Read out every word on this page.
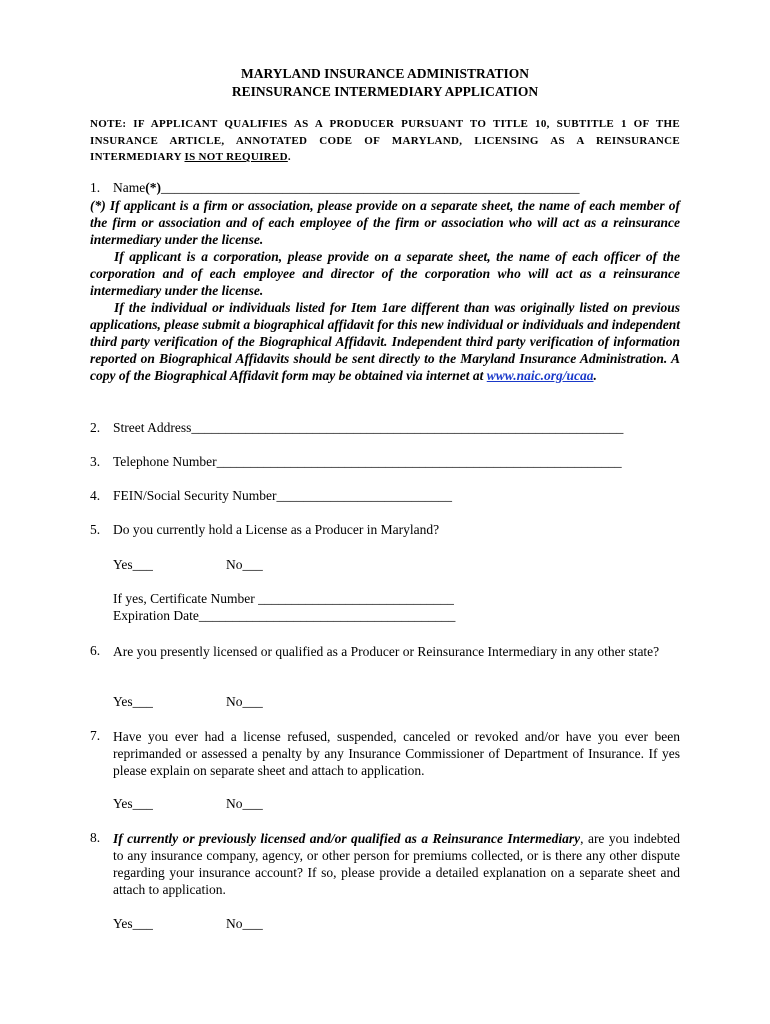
MARYLAND INSURANCE ADMINISTRATION
REINSURANCE INTERMEDIARY APPLICATION
NOTE: IF APPLICANT QUALIFIES AS A PRODUCER PURSUANT TO TITLE 10, SUBTITLE 1 OF THE INSURANCE ARTICLE, ANNOTATED CODE OF MARYLAND, LICENSING AS A REINSURANCE INTERMEDIARY IS NOT REQUIRED.
1. Name(*)______________________________________________________________
(*) If applicant is a firm or association, please provide on a separate sheet, the name of each member of the firm or association and of each employee of the firm or association who will act as a reinsurance intermediary under the license.
If applicant is a corporation, please provide on a separate sheet, the name of each officer of the corporation and of each employee and director of the corporation who will act as a reinsurance intermediary under the license.
If the individual or individuals listed for Item 1are different than was originally listed on previous applications, please submit a biographical affidavit for this new individual or individuals and independent third party verification of the Biographical Affidavit. Independent third party verification of information reported on Biographical Affidavits should be sent directly to the Maryland Insurance Administration. A copy of the Biographical Affidavit form may be obtained via internet at www.naic.org/ucaa.
2. Street Address________________________________________________________________
3. Telephone Number____________________________________________________________
4. FEIN/Social Security Number__________________________
5. Do you currently hold a License as a Producer in Maryland?
Yes___	No___
If yes, Certificate Number _____________________________
Expiration Date______________________________________
6. Are you presently licensed or qualified as a Producer or Reinsurance Intermediary in any other state?
Yes___	No___
7. Have you ever had a license refused, suspended, canceled or revoked and/or have you ever been reprimanded or assessed a penalty by any Insurance Commissioner of Department of Insurance. If yes please explain on separate sheet and attach to application.
Yes___	No___
8. If currently or previously licensed and/or qualified as a Reinsurance Intermediary, are you indebted to any insurance company, agency, or other person for premiums collected, or is there any other dispute regarding your insurance account? If so, please provide a detailed explanation on a separate sheet and attach to application.
Yes___	No___
